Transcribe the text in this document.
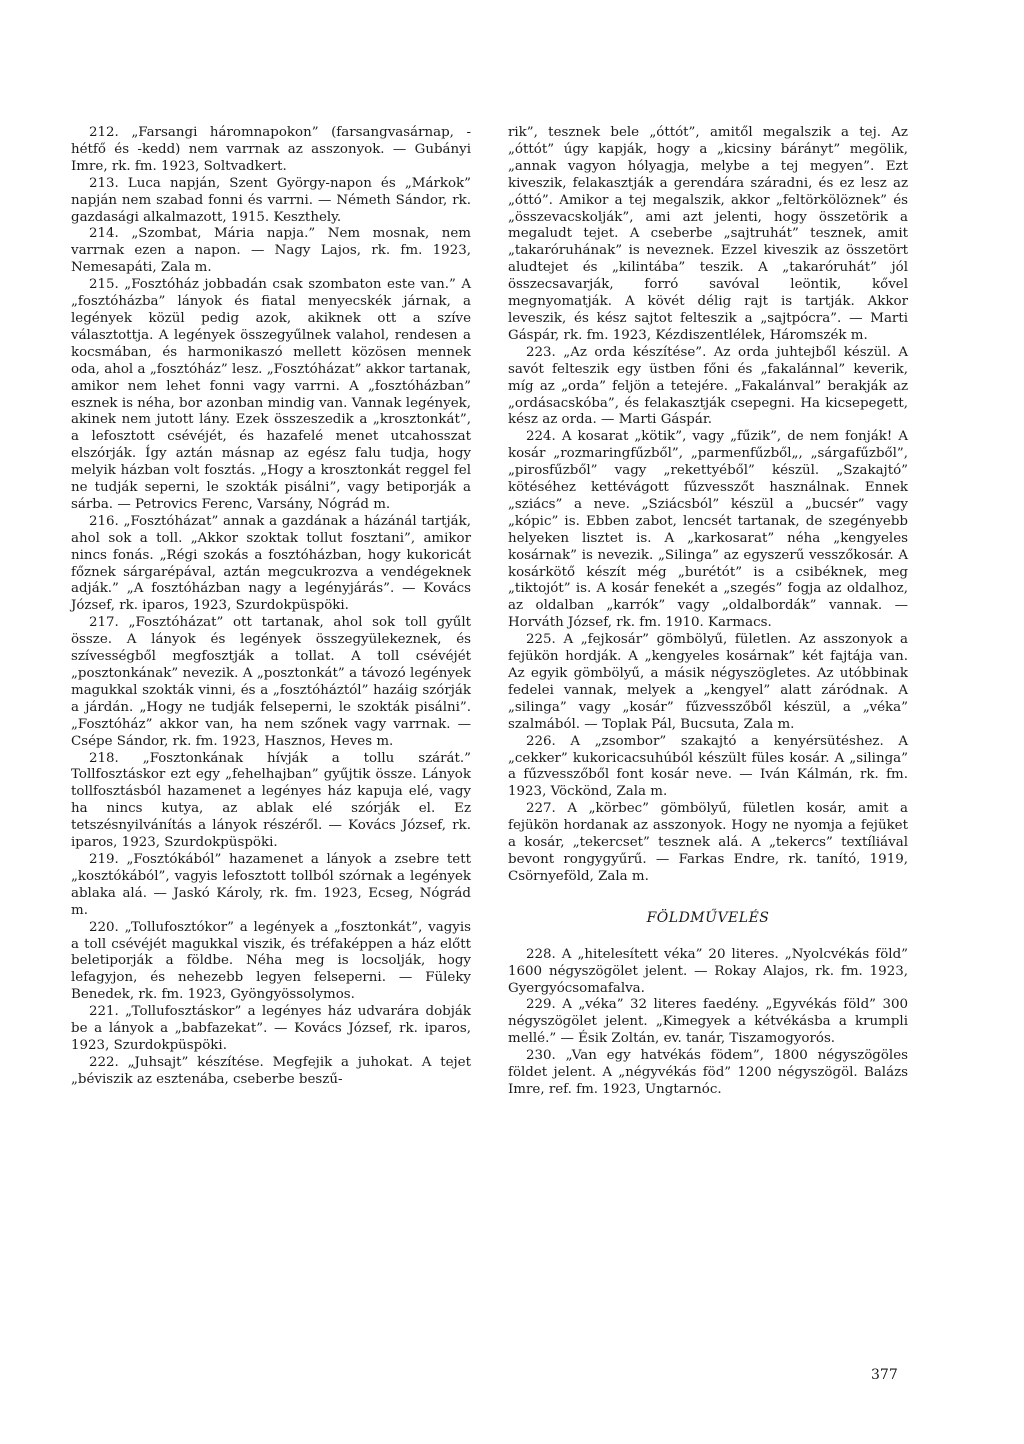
212. „Farsangi háromnapokon” (farsangvasárnap, -hétfő és -kedd) nem varrnak az asszonyok. — Gubányi Imre, rk. fm. 1923, Soltvadkert.

213. Luca napján, Szent György-napon és „Márkok” napján nem szabad fonni és varrni. — Németh Sándor, rk. gazdasági alkalmazott, 1915. Keszthely.

214. „Szombat, Mária napja.” Nem mosnak, nem varrnak ezen a napon. — Nagy Lajos, rk. fm. 1923, Nemesapáti, Zala m.

215. „Fosztóház jobbadán csak szombaton este van.” A „fosztóházba” lányok és fiatal menyecskék járnak, a legények közül pedig azok, akiknek ott a szíve választottja. A legények összegyűlnek valahol, rendesen a kocsmában, és harmonikaszó mellett közösen mennek oda, ahol a „fosztóház” lesz. „Fosztóházat” akkor tartanak, amikor nem lehet fonni vagy varrni. A „fosztóházban” esznek is néha, bor azonban mindig van. Vannak legények, akinek nem jutott lány. Ezek összeszedik a „krosztonkát”, a lefosztott csévéjét, és hazafelé menet utcahosszat elszórják. Így aztán másnap az egész falu tudja, hogy melyik házban volt fosztás. „Hogy a krosztonkát reggel fel ne tudják seperni, le szokták pisálni”, vagy betiporják a sárba. — Petrovics Ferenc, Varsány, Nógrád m.

216. „Fosztóházat” annak a gazdának a házánál tartják, ahol sok a toll. „Akkor szoktak tollut fosztani”, amikor nincs fonás. „Régi szokás a fosztóházban, hogy kukoricát főznek sárgarépával, aztán megcukrozva a vendégeknek adják.” „A fosztóházban nagy a legényjárás”. — Kovács József, rk. iparos, 1923, Szurdokpüspöki.

217. „Fosztóházat” ott tartanak, ahol sok toll gyűlt össze. A lányok és legények összegyülekeznek, és szívességből megfosztják a tollat. A toll csévéjét „posztonkának” nevezik. A „posztonkát” a távozó legények magukkal szokták vinni, és a „fosztóháztól” hazáig szórják a járdán. „Hogy ne tudják felseperni, le szokták pisálni”. „Fosztóház” akkor van, ha nem szőnek vagy varrnak. — Csépe Sándor, rk. fm. 1923, Hasznos, Heves m.

218. „Fosztonkának hívják a tollu szárát.” Tollfosztáskor ezt egy „fehelhajban” gyűjtik össze. Lányok tollfosztásból hazamenet a legényes ház kapuja elé, vagy ha nincs kutya, az ablak elé szórják el. Ez tetszésnyilvánítás a lányok részéről. — Kovács József, rk. iparos, 1923, Szurdokpüspöki.

219. „Fosztókából” hazamenet a lányok a zsebre tett „kosztókából”, vagyis lefosztott tollból szórnak a legények ablaka alá. — Jaskó Károly, rk. fm. 1923, Ecseg, Nógrád m.

220. „Tollufosztókor” a legények a „fosztonkát”, vagyis a toll csévéjét magukkal viszik, és tréfaképpen a ház előtt beletiporják a földbe. Néha meg is locsolják, hogy lefagyjon, és nehezebb legyen felseperni. — Füleky Benedek, rk. fm. 1923, Gyöngyössolymos.

221. „Tollufosztáskor” a legényes ház udvarára dobják be a lányok a „babfazekat”. — Kovács József, rk. iparos, 1923, Szurdokpüspöki.

222. „Juhsajt” készítése. Megfejik a juhokat. A tejet „béviszik az esztenába, cseberbe beszű-

rik”, tesznek bele „óttót”, amitől megalszik a tej. Az „óttót” úgy kapják, hogy a „kicsiny bárányt” megölik, „annak vagyon hólyagja, melybe a tej megyen”. Ezt kiveszik, felakasztják a gerendára száradni, és ez lesz az „óttó”. Amikor a tej megalszik, akkor „feltörkölöznek” és „összevacskolják”, ami azt jelenti, hogy összetörik a megaludt tejet. A cseberbe „sajtruhát” tesznek, amit „takaróruhának” is neveznek. Ezzel kiveszik az összetört aludtejet és „kilintába” teszik. A „takaróruhát” jól összecsavarják, forró savóval leöntik, kővel megnyomatják. A kövét délig rajt is tartják. Akkor leveszik, és kész sajtot felteszik a „sajtpócra”. — Marti Gáspár, rk. fm. 1923, Kézdiszentlélek, Háromszék m.

223. „Az orda készítése”. Az orda juhtejből készül. A savót felteszik egy üstben főni és „fakalánnal” keverik, míg az „orda” feljön a tetejére. „Fakalánval” berakják az „ordásacskóba”, és felakasztják csepegni. Ha kicsepegett, kész az orda. — Marti Gáspár.

224. A kosarat „kötik”, vagy „fűzik”, de nem fonják! A kosár „rozmaringfűzből”, „parmenfűzből„, „sárgafűzből”, „pirosfűzből” vagy „rekettyéből” készül. „Szakajtó” kötéséhez kettévágott fűzvesszőt használnak. Ennek „sziács” a neve. „Sziácsból” készül a „bucsér” vagy „kópic” is. Ebben zabot, lencsét tartanak, de szegényebb helyeken lisztet is. A „karkosarat” néha „kengyeles kosárnak” is nevezik. „Silinga” az egyszerű vesszőkosár. A kosárkötő készít még „burétót” is a csibéknek, meg „tiktojót” is. A kosár fenekét a „szegés” fogja az oldalhoz, az oldalban „karrók” vagy „oldalbordák” vannak. — Horváth József, rk. fm. 1910. Karmacs.

225. A „fejkosár” gömbölyű, fületlen. Az asszonyok a fejükön hordják. A „kengyeles kosárnak” két fajtája van. Az egyik gömbölyű, a másik négyszögletes. Az utóbbinak fedelei vannak, melyek a „kengyel” alatt záródnak. A „silinga” vagy „kosár” fűzvesszőből készül, a „véka” szalmából. — Toplak Pál, Bucsuta, Zala m.

226. A „zsombor” szakajtó a kenyérsütéshez. A „cekker” kukoricacsuhúból készült füles kosár. A „silinga” a fűzvesszőből font kosár neve. — Iván Kálmán, rk. fm. 1923, Vöckönd, Zala m.

227. A „körbec” gömbölyű, fületlen kosár, amit a fejükön hordanak az asszonyok. Hogy ne nyomja a fejüket a kosár, „tekercset” tesznek alá. A „tekercs” textíliával bevont rongygyűrű. — Farkas Endre, rk. tanító, 1919, Csörnyeföld, Zala m.

FÖLDMŰVELÉS

228. A „hitelesített véka” 20 literes. „Nyolcvékás föld” 1600 négyszögölet jelent. — Rokay Alajos, rk. fm. 1923, Gyergyócsomafalva.

229. A „véka” 32 literes faedény. „Egyvékás föld” 300 négyszögölet jelent. „Kimegyek a kétvékásba a krumpli mellé.” — Ésik Zoltán, ev. tanár, Tiszamogyorós.

230. „Van egy hatvékás födem”, 1800 négyszögöles földet jelent. A „négyvékás föd” 1200 négyszögöl. Balázs Imre, ref. fm. 1923, Ungtarnóc.

377
